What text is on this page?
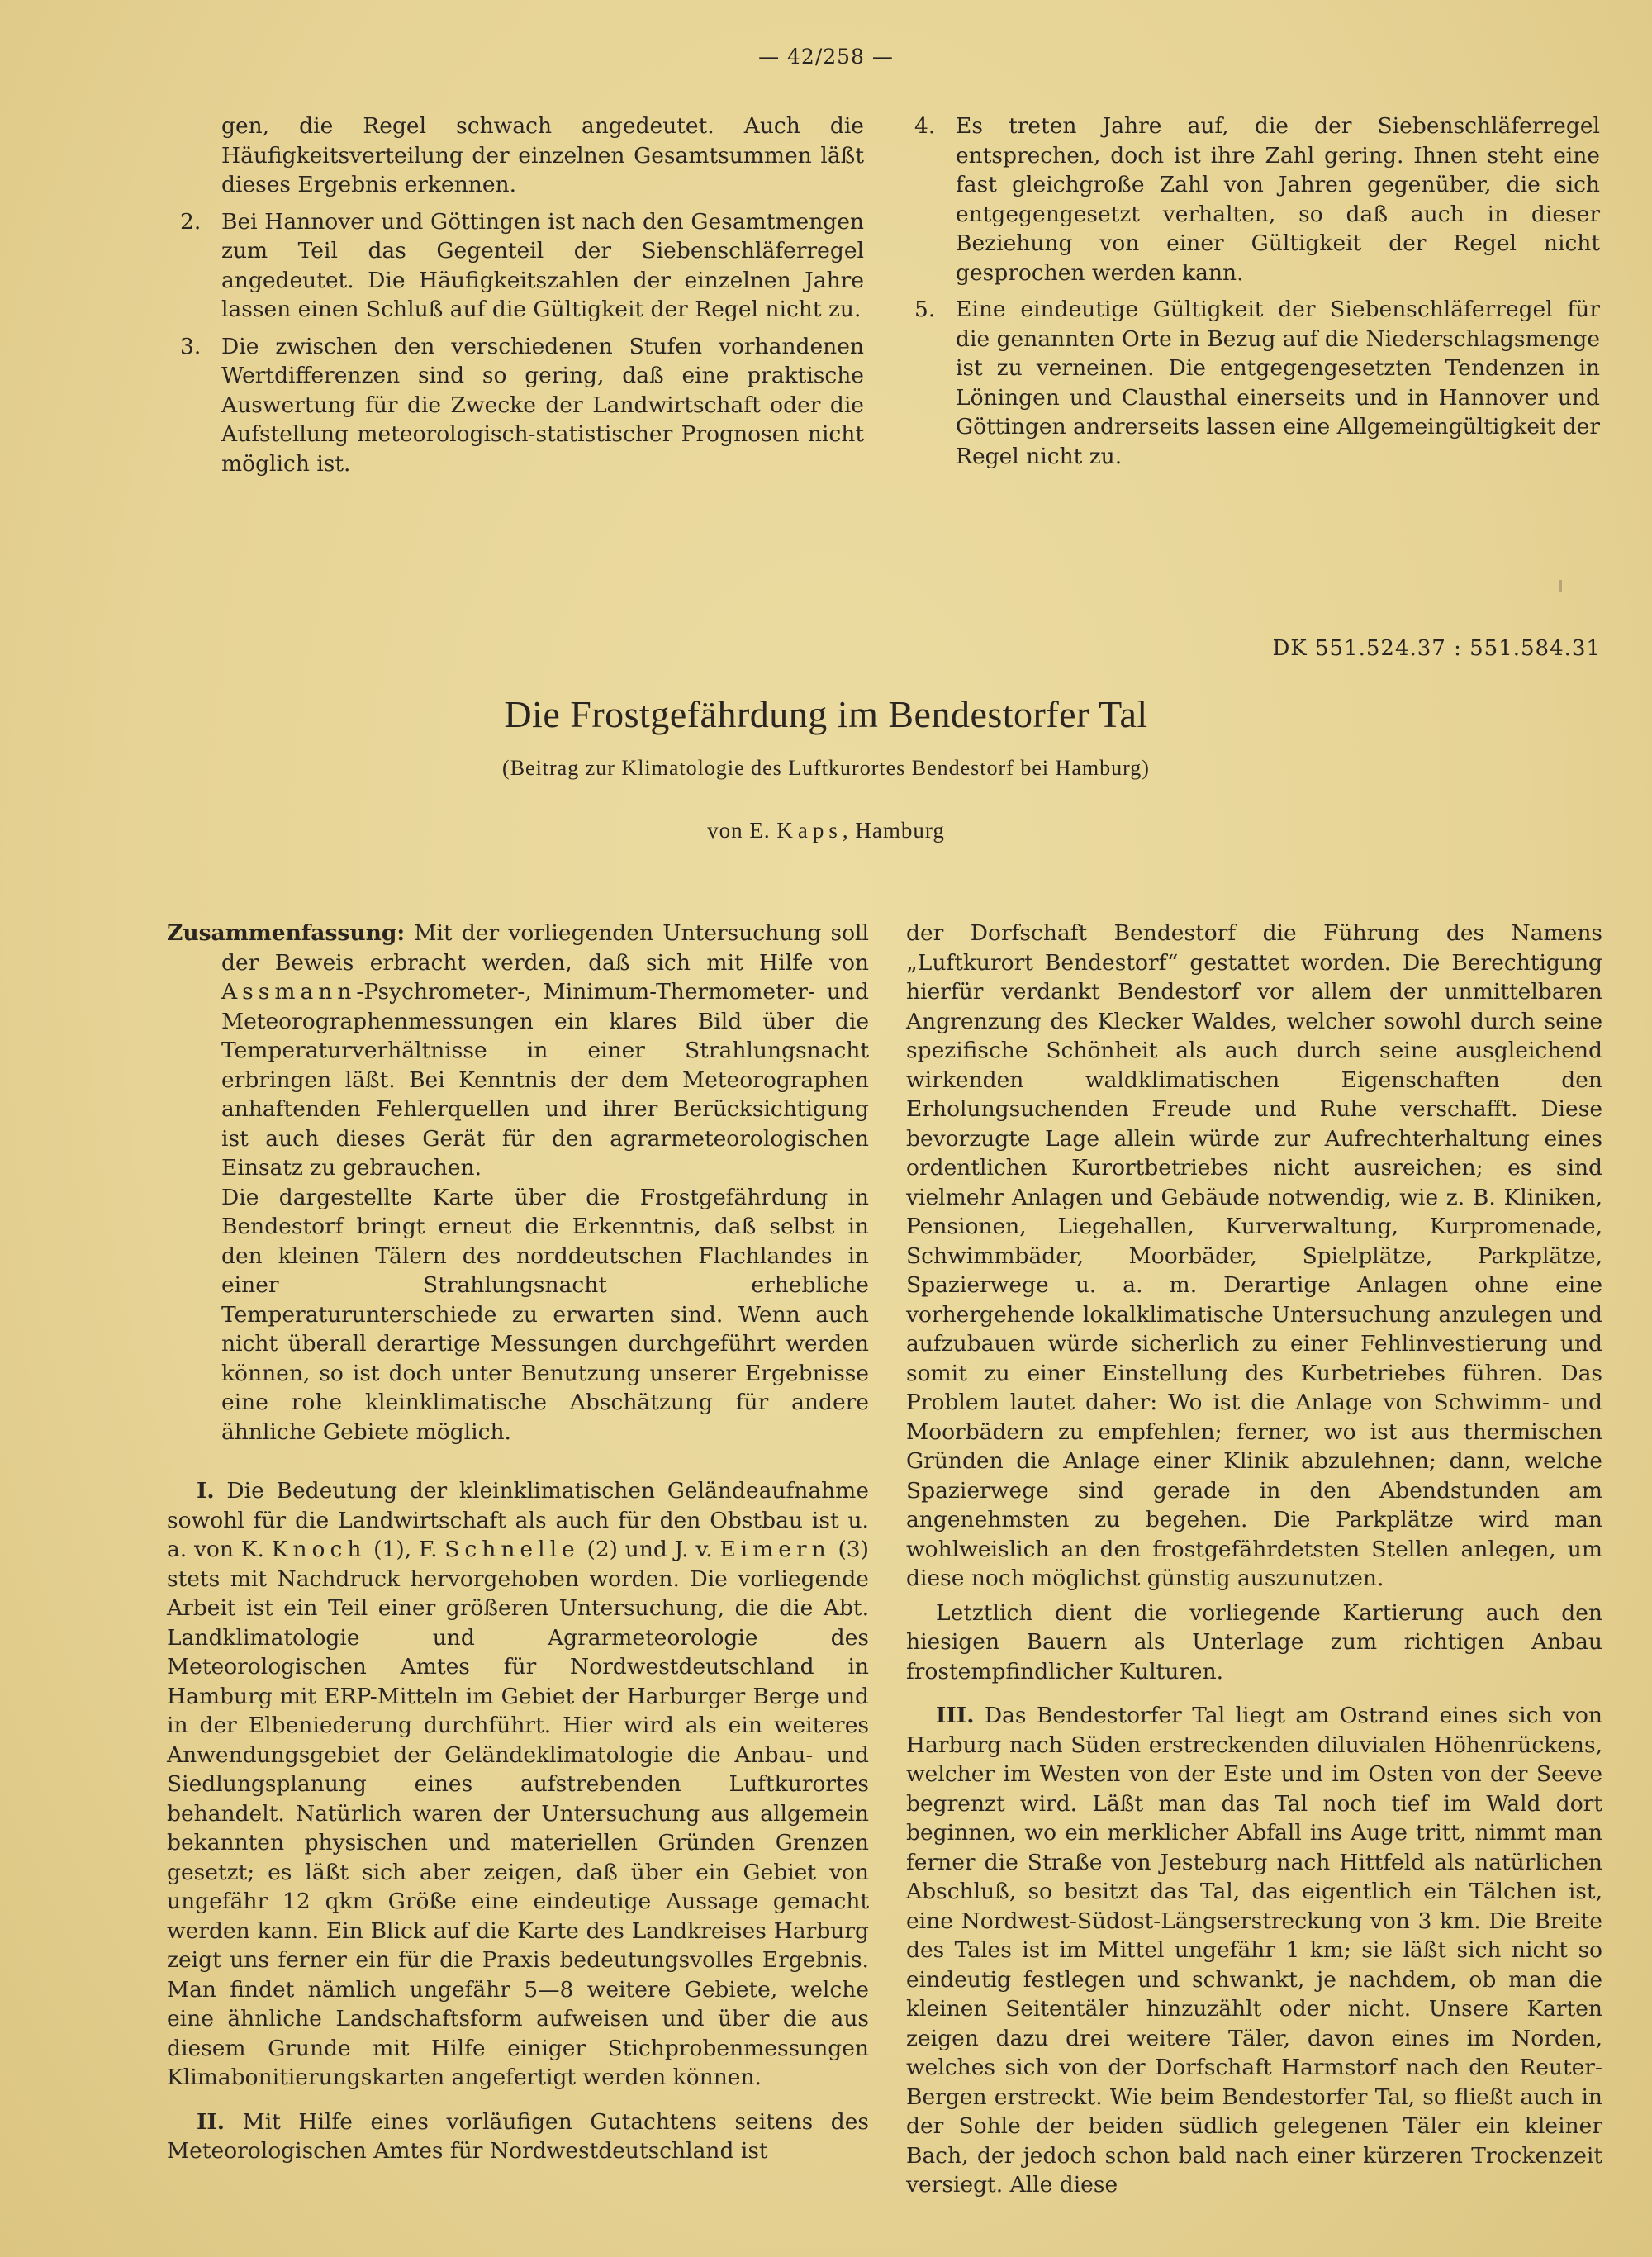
— 42/258 —
gen, die Regel schwach angedeutet. Auch die Häufigkeitsverteilung der einzelnen Gesamtsummen läßt dieses Ergebnis erkennen.
2. Bei Hannover und Göttingen ist nach den Gesamtmengen zum Teil das Gegenteil der Siebenschläferregel angedeutet. Die Häufigkeitszahlen der einzelnen Jahre lassen einen Schluß auf die Gültigkeit der Regel nicht zu.
3. Die zwischen den verschiedenen Stufen vorhandenen Wertdifferenzen sind so gering, daß eine praktische Auswertung für die Zwecke der Landwirtschaft oder die Aufstellung meteorologisch-statistischer Prognosen nicht möglich ist.
4. Es treten Jahre auf, die der Siebenschläferregel entsprechen, doch ist ihre Zahl gering. Ihnen steht eine fast gleichgroße Zahl von Jahren gegenüber, die sich entgegengesetzt verhalten, so daß auch in dieser Beziehung von einer Gültigkeit der Regel nicht gesprochen werden kann.
5. Eine eindeutige Gültigkeit der Siebenschläferregel für die genannten Orte in Bezug auf die Niederschlagsmenge ist zu verneinen. Die entgegengesetzten Tendenzen in Löningen und Clausthal einerseits und in Hannover und Göttingen andrerseits lassen eine Allgemeingültigkeit der Regel nicht zu.
DK 551.524.37 : 551.584.31
Die Frostgefährdung im Bendestorfer Tal
(Beitrag zur Klimatologie des Luftkurortes Bendestorf bei Hamburg)
von E. Kaps, Hamburg

Zusammenfassung: Mit der vorliegenden Untersuchung soll der Beweis erbracht werden, daß sich mit Hilfe von Assmann-Psychrometer-, Minimum-Thermometer- und Meteorographenmessungen ein klares Bild über die Temperaturverhältnisse in einer Strahlungsnacht erbringen läßt. Bei Kenntnis der dem Meteorographen anhaftenden Fehlerquellen und ihrer Berücksichtigung ist auch dieses Gerät für den agrarmeteorologischen Einsatz zu gebrauchen.

Die dargestellte Karte über die Frostgefährdung in Bendestorf bringt erneut die Erkenntnis, daß selbst in den kleinen Tälern des norddeutschen Flachlandes in einer Strahlungsnacht erhebliche Temperaturunterschiede zu erwarten sind. Wenn auch nicht überall derartige Messungen durchgeführt werden können, so ist doch unter Benutzung unserer Ergebnisse eine rohe kleinklimatische Abschätzung für andere ähnliche Gebiete möglich.

I. Die Bedeutung der kleinklimatischen Geländeaufnahme sowohl für die Landwirtschaft als auch für den Obstbau ist u. a. von K. Knoch (1), F. Schnelle (2) und J. v. Eimern (3) stets mit Nachdruck hervorgehoben worden. Die vorliegende Arbeit ist ein Teil einer größeren Untersuchung, die die Abt. Landklimatologie und Agrarmeteorologie des Meteorologischen Amtes für Nordwestdeutschland in Hamburg mit ERP-Mitteln im Gebiet der Harburger Berge und in der Elbeniederung durchführt. Hier wird als ein weiteres Anwendungsgebiet der Geländeklimatologie die Anbau- und Siedlungsplanung eines aufstrebenden Luftkurortes behandelt. Natürlich waren der Untersuchung aus allgemein bekannten physischen und materiellen Gründen Grenzen gesetzt; es läßt sich aber zeigen, daß über ein Gebiet von ungefähr 12 qkm Größe eine eindeutige Aussage gemacht werden kann. Ein Blick auf die Karte des Landkreises Harburg zeigt uns ferner ein für die Praxis bedeutungsvolles Ergebnis. Man findet nämlich ungefähr 5—8 weitere Gebiete, welche eine ähnliche Landschaftsform aufweisen und über die aus diesem Grunde mit Hilfe einiger Stichprobenmessungen Klimabonitierungskarten angefertigt werden können.

II. Mit Hilfe eines vorläufigen Gutachtens seitens des Meteorologischen Amtes für Nordwestdeutschland ist

der Dorfschaft Bendestorf die Führung des Namens „Luftkurort Bendestorf“ gestattet worden. Die Berechtigung hierfür verdankt Bendestorf vor allem der unmittelbaren Angrenzung des Klecker Waldes, welcher sowohl durch seine spezifische Schönheit als auch durch seine ausgleichend wirkenden waldklimatischen Eigenschaften den Erholungsuchenden Freude und Ruhe verschafft. Diese bevorzugte Lage allein würde zur Aufrechterhaltung eines ordentlichen Kurortbetriebes nicht ausreichen; es sind vielmehr Anlagen und Gebäude notwendig, wie z. B. Kliniken, Pensionen, Liegehallen, Kurverwaltung, Kurpromenade, Schwimmbäder, Moorbäder, Spielplätze, Parkplätze, Spazierwege u. a. m. Derartige Anlagen ohne eine vorhergehende lokalklimatische Untersuchung anzulegen und aufzubauen würde sicherlich zu einer Fehlinvestierung und somit zu einer Einstellung des Kurbetriebes führen. Das Problem lautet daher: Wo ist die Anlage von Schwimm- und Moorbädern zu empfehlen; ferner, wo ist aus thermischen Gründen die Anlage einer Klinik abzulehnen; dann, welche Spazierwege sind gerade in den Abendstunden am angenehmsten zu begehen. Die Parkplätze wird man wohlweislich an den frostgefährdetsten Stellen anlegen, um diese noch möglichst günstig auszunutzen.

Letztlich dient die vorliegende Kartierung auch den hiesigen Bauern als Unterlage zum richtigen Anbau frostempfindlicher Kulturen.

III. Das Bendestorfer Tal liegt am Ostrand eines sich von Harburg nach Süden erstreckenden diluvialen Höhenrückens, welcher im Westen von der Este und im Osten von der Seeve begrenzt wird. Läßt man das Tal noch tief im Wald dort beginnen, wo ein merklicher Abfall ins Auge tritt, nimmt man ferner die Straße von Jesteburg nach Hittfeld als natürlichen Abschluß, so besitzt das Tal, das eigentlich ein Tälchen ist, eine Nordwest-Südost-Längserstreckung von 3 km. Die Breite des Tales ist im Mittel ungefähr 1 km; sie läßt sich nicht so eindeutig festlegen und schwankt, je nachdem, ob man die kleinen Seitentäler hinzuzählt oder nicht. Unsere Karten zeigen dazu drei weitere Täler, davon eines im Norden, welches sich von der Dorfschaft Harmstorf nach den Reuter-Bergen erstreckt. Wie beim Bendestorfer Tal, so fließt auch in der Sohle der beiden südlich gelegenen Täler ein kleiner Bach, der jedoch schon bald nach einer kürzeren Trockenzeit versiegt. Alle diese
